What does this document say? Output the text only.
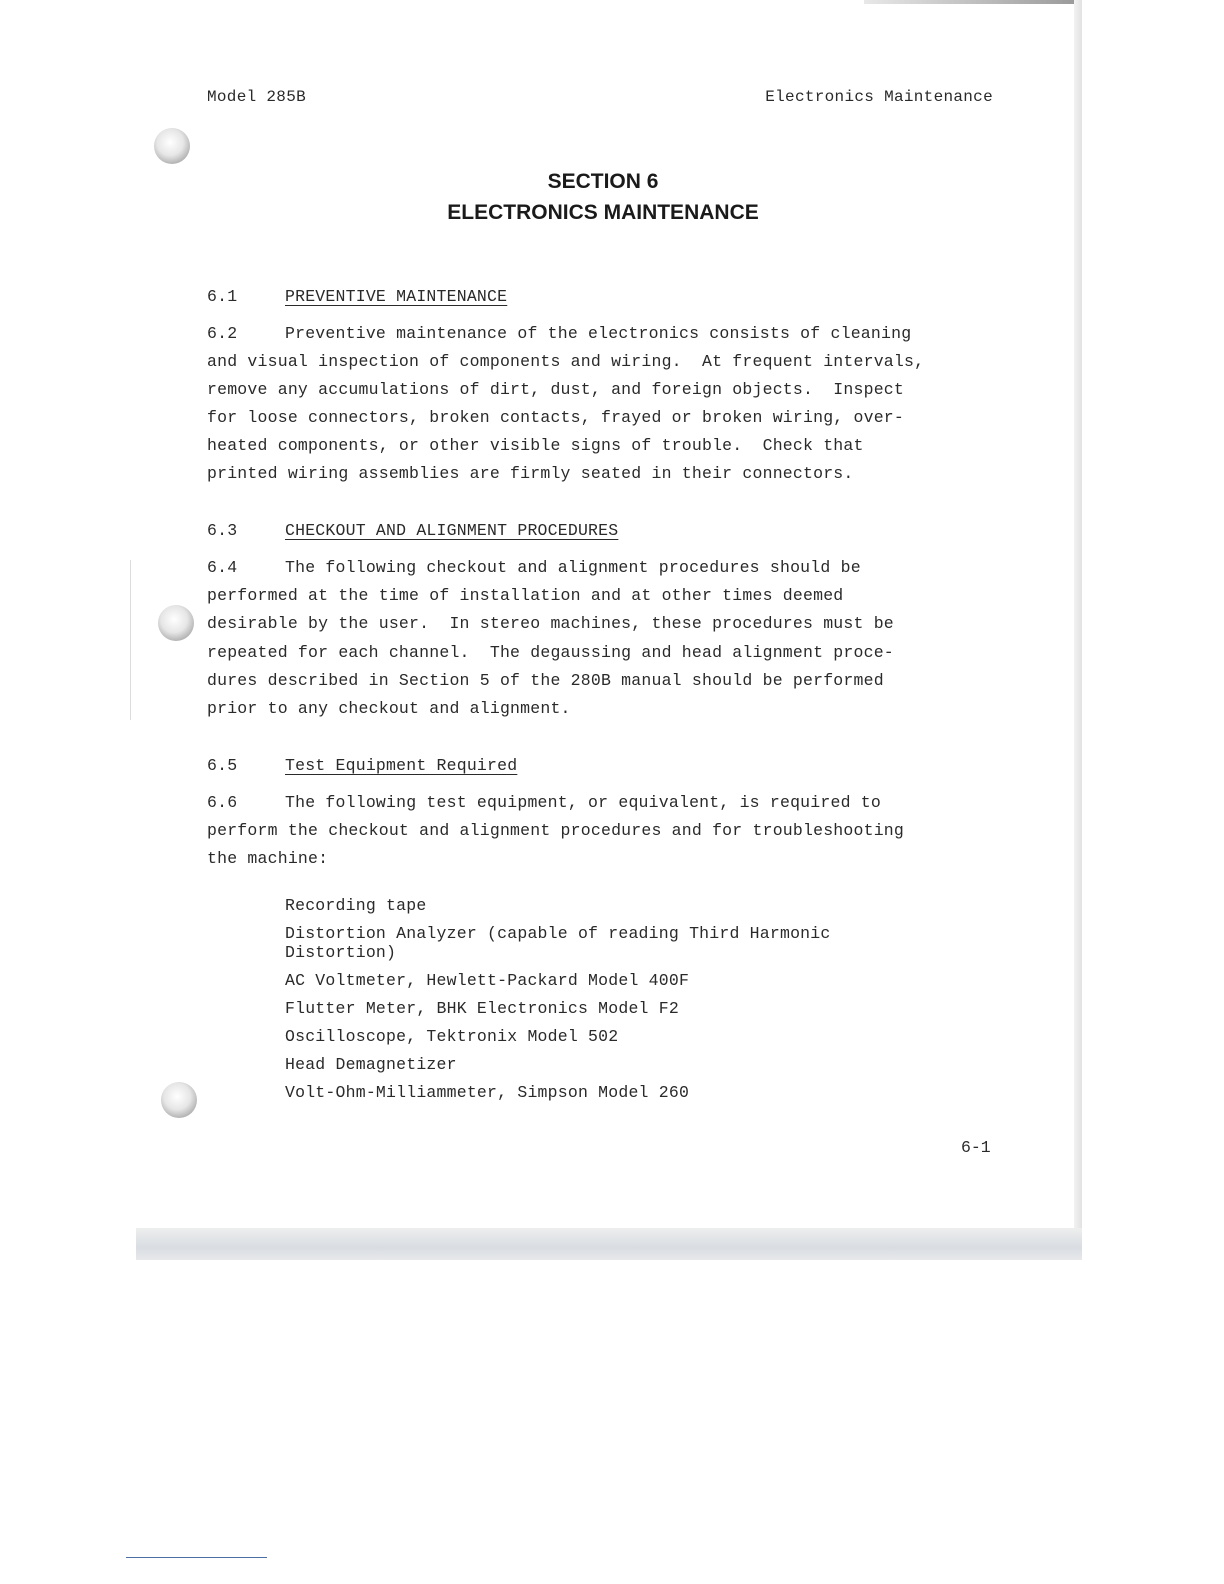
Model 285B	Electronics Maintenance
SECTION 6
ELECTRONICS MAINTENANCE
6.1	PREVENTIVE MAINTENANCE
6.2	Preventive maintenance of the electronics consists of cleaning
and visual inspection of components and wiring.  At frequent intervals,
remove any accumulations of dirt, dust, and foreign objects.  Inspect
for loose connectors, broken contacts, frayed or broken wiring, over-
heated components, or other visible signs of trouble.  Check that
printed wiring assemblies are firmly seated in their connectors.
6.3	CHECKOUT AND ALIGNMENT PROCEDURES
6.4	The following checkout and alignment procedures should be
performed at the time of installation and at other times deemed
desirable by the user.  In stereo machines, these procedures must be
repeated for each channel.  The degaussing and head alignment proce-
dures described in Section 5 of the 280B manual should be performed
prior to any checkout and alignment.
6.5	Test Equipment Required
6.6	The following test equipment, or equivalent, is required to
perform the checkout and alignment procedures and for troubleshooting
the machine:
Recording tape
Distortion Analyzer (capable of reading Third Harmonic
Distortion)
AC Voltmeter, Hewlett-Packard Model 400F
Flutter Meter, BHK Electronics Model F2
Oscilloscope, Tektronix Model 502
Head Demagnetizer
Volt-Ohm-Milliammeter, Simpson Model 260
6-1
